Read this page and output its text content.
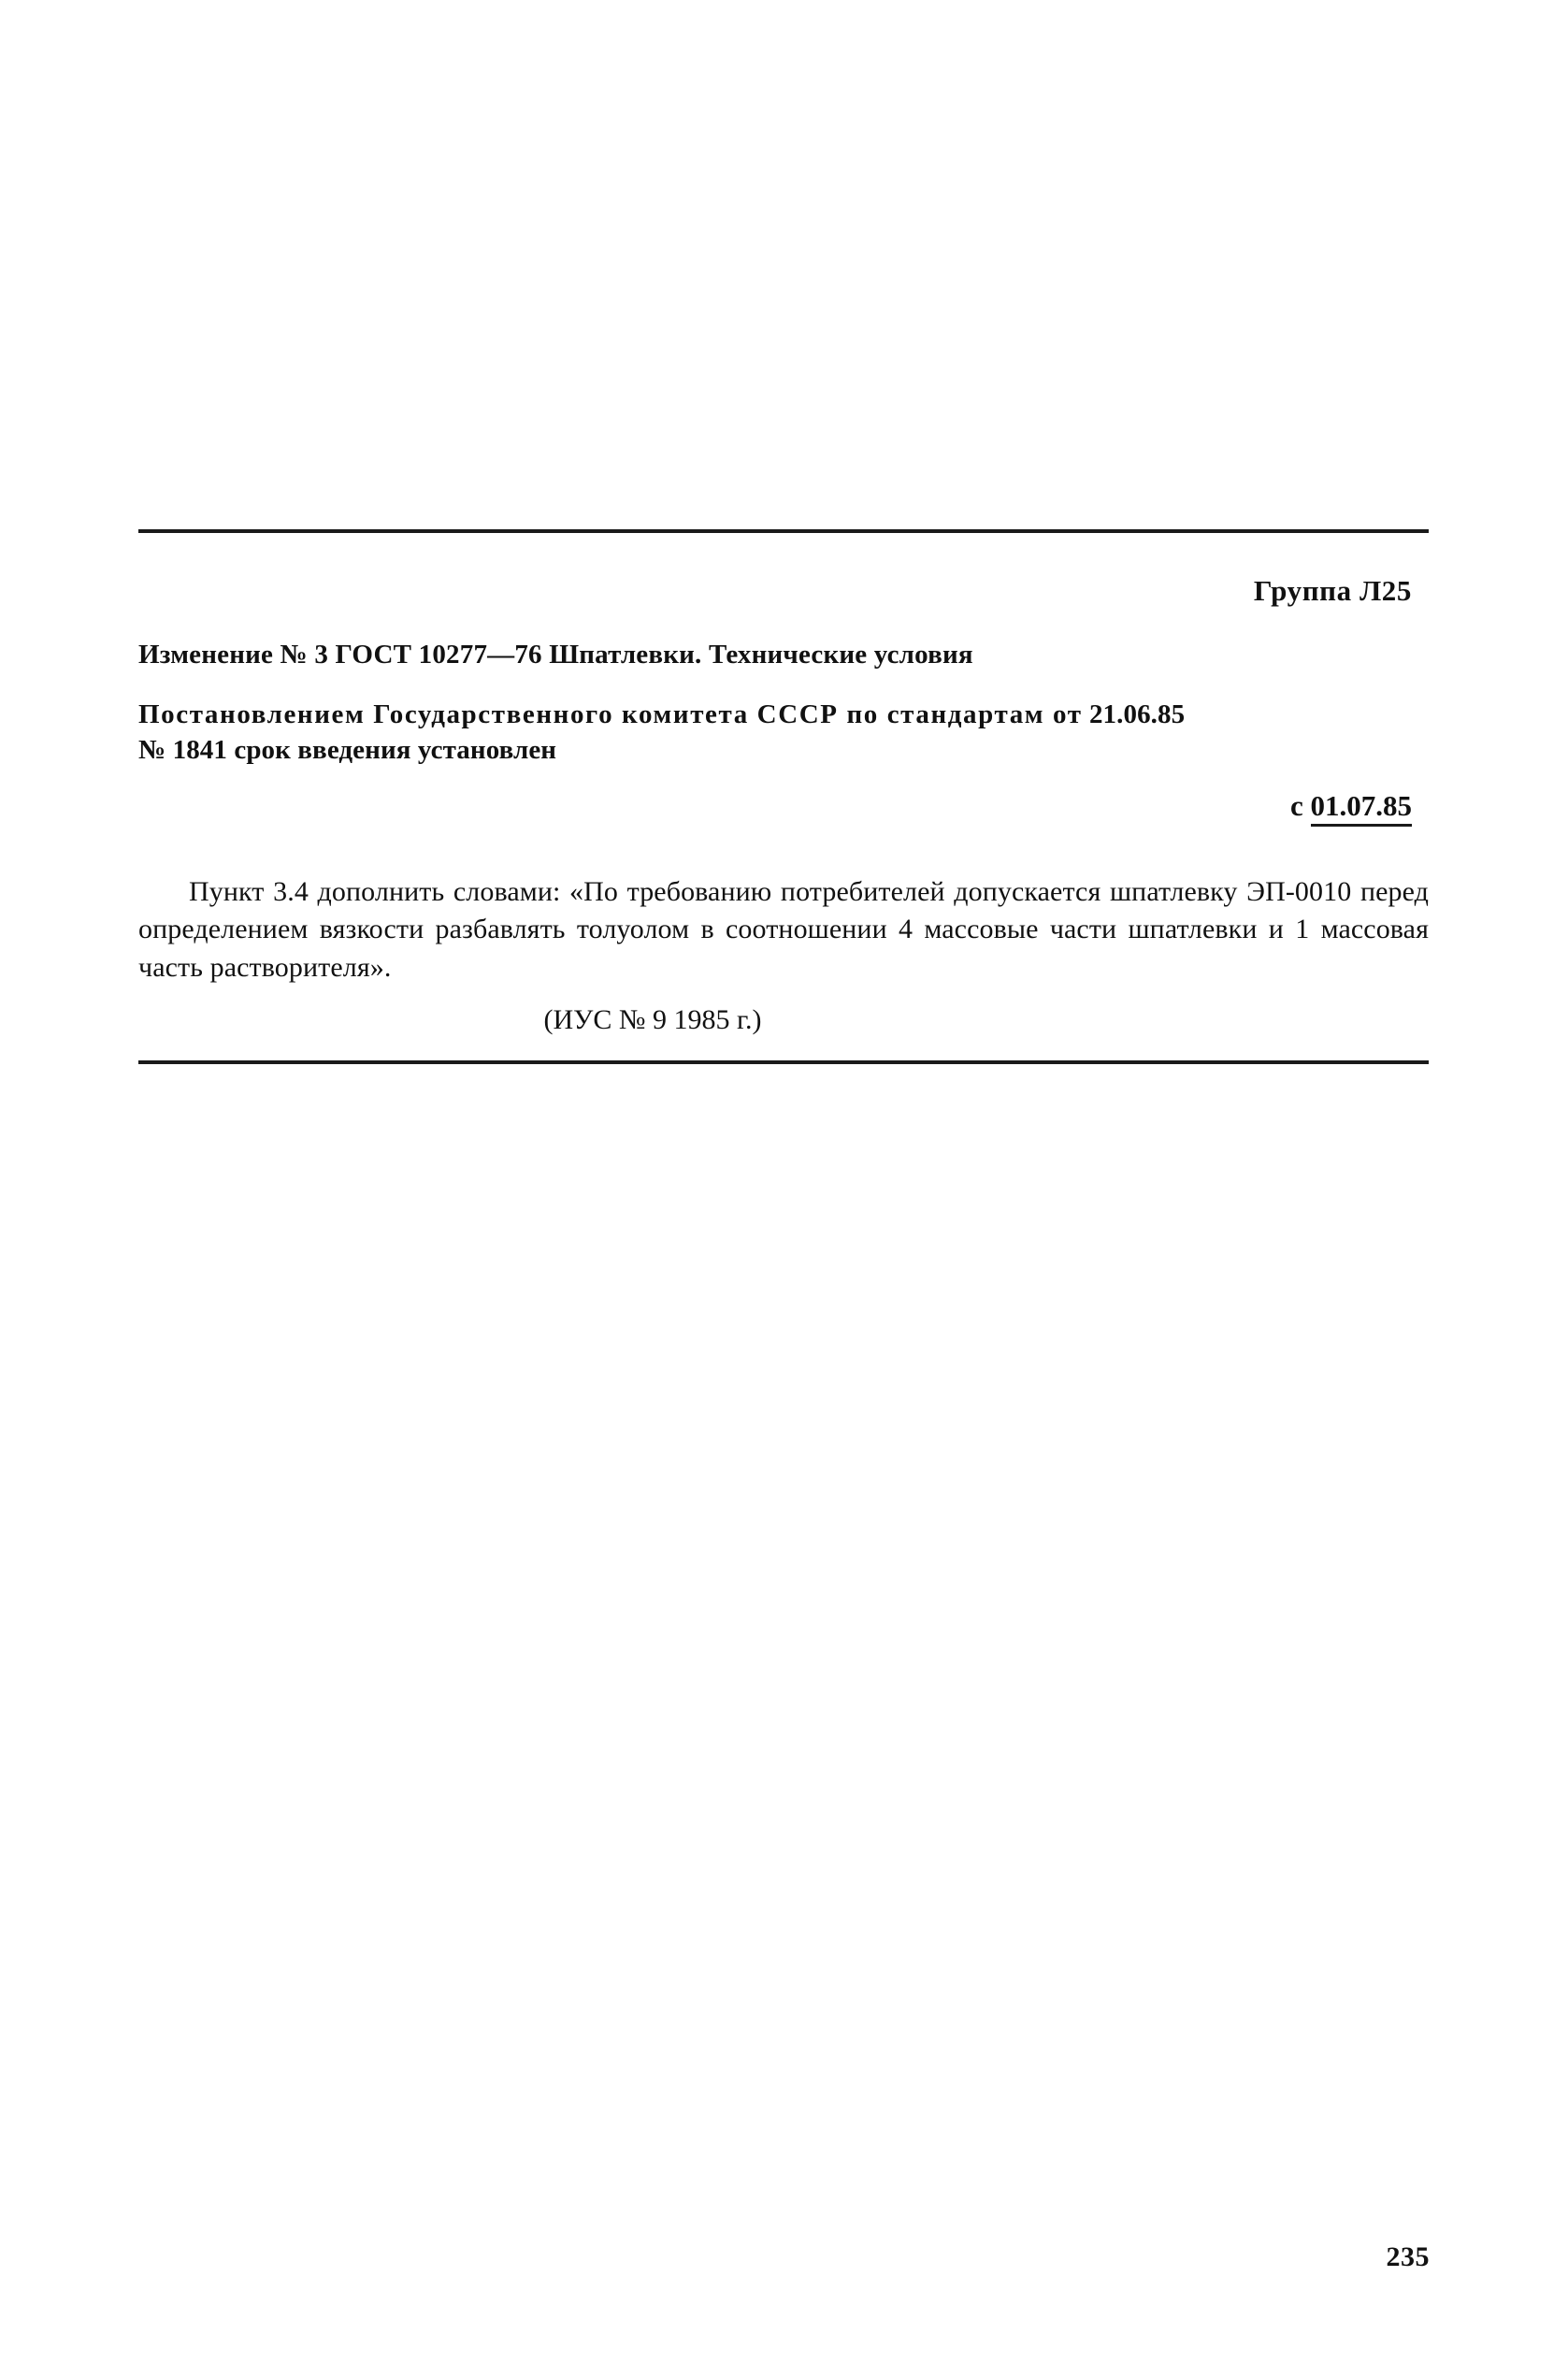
Группа Л25
Изменение № 3 ГОСТ 10277—76 Шпатлевки. Технические условия
Постановлением Государственного комитета СССР по стандартам от 21.06.85
№ 1841 срок введения установлен
с 01.07.85
Пункт 3.4 дополнить словами: «По требованию потребителей допускается шпатлевку ЭП-0010 перед определением вязкости разбавлять толуолом в соотношении 4 массовые части шпатлевки и 1 массовая часть растворителя».
(ИУС № 9 1985 г.)
235
